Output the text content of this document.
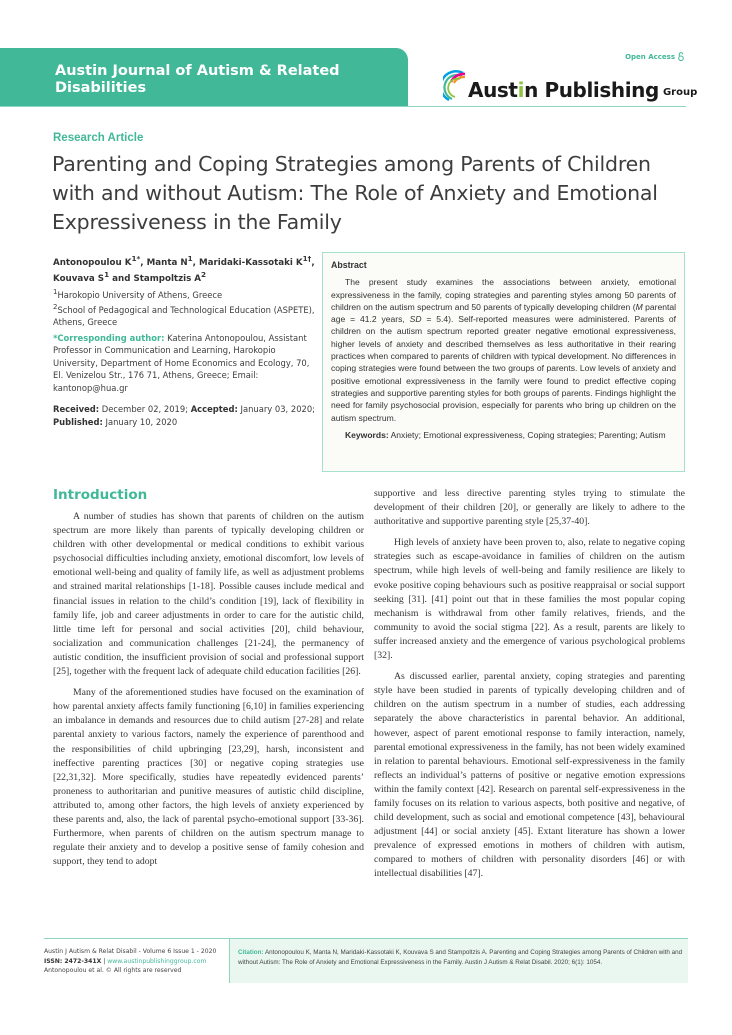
Austin Journal of Autism & Related Disabilities
Open Access
Austin Publishing Group
Research Article
Parenting and Coping Strategies among Parents of Children with and without Autism: The Role of Anxiety and Emotional Expressiveness in the Family
Antonopoulou $K^{1*}$, Manta $N^1$, Maridaki-Kassotaki $K^{1\dagger}$, Kouvava $S^1$ and Stampoltzis $A^2$
$^1$Harokopio University of Athens, Greece
$^2$School of Pedagogical and Technological Education (ASPETE), Athens, Greece
*Corresponding author: Katerina Antonopoulou, Assistant Professor in Communication and Learning, Harokopio University, Department of Home Economics and Ecology, 70, El. Venizelou Str., 176 71, Athens, Greece; Email: kantonop@hua.gr
Received: December 02, 2019; Accepted: January 03, 2020; Published: January 10, 2020
Abstract

The present study examines the associations between anxiety, emotional expressiveness in the family, coping strategies and parenting styles among 50 parents of children on the autism spectrum and 50 parents of typically developing children (M parental age = 41.2 years, SD = 5.4). Self-reported measures were administered. Parents of children on the autism spectrum reported greater negative emotional expressiveness, higher levels of anxiety and described themselves as less authoritative in their rearing practices when compared to parents of children with typical development. No differences in coping strategies were found between the two groups of parents. Low levels of anxiety and positive emotional expressiveness in the family were found to predict effective coping strategies and supportive parenting styles for both groups of parents. Findings highlight the need for family psychosocial provision, especially for parents who bring up children on the autism spectrum.

Keywords: Anxiety; Emotional expressiveness, Coping strategies; Parenting; Autism

Introduction

A number of studies has shown that parents of children on the autism spectrum are more likely than parents of typically developing children or children with other developmental or medical conditions to exhibit various psychosocial difficulties including anxiety, emotional discomfort, low levels of emotional well-being and quality of family life, as well as adjustment problems and strained marital relationships [1-18]. Possible causes include medical and financial issues in relation to the child’s condition [19], lack of flexibility in family life, job and career adjustments in order to care for the autistic child, little time left for personal and social activities [20], child behaviour, socialization and communication challenges [21-24], the permanency of autistic condition, the insufficient provision of social and professional support [25], together with the frequent lack of adequate child education facilities [26].

Many of the aforementioned studies have focused on the examination of how parental anxiety affects family functioning [6,10] in families experiencing an imbalance in demands and resources due to child autism [27-28] and relate parental anxiety to various factors, namely the experience of parenthood and the responsibilities of child upbringing [23,29], harsh, inconsistent and ineffective parenting practices [30] or negative coping strategies use [22,31,32]. More specifically, studies have repeatedly evidenced parents’ proneness to authoritarian and punitive measures of autistic child discipline, attributed to, among other factors, the high levels of anxiety experienced by these parents and, also, the lack of parental psycho-emotional support [33-36]. Furthermore, when parents of children on the autism spectrum manage to regulate their anxiety and to develop a positive sense of family cohesion and support, they tend to adopt

supportive and less directive parenting styles trying to stimulate the development of their children [20], or generally are likely to adhere to the authoritative and supportive parenting style [25,37-40].

High levels of anxiety have been proven to, also, relate to negative coping strategies such as escape-avoidance in families of children on the autism spectrum, while high levels of well-being and family resilience are likely to evoke positive coping behaviours such as positive reappraisal or social support seeking [31]. [41] point out that in these families the most popular coping mechanism is withdrawal from other family relatives, friends, and the community to avoid the social stigma [22]. As a result, parents are likely to suffer increased anxiety and the emergence of various psychological problems [32].

As discussed earlier, parental anxiety, coping strategies and parenting style have been studied in parents of typically developing children and of children on the autism spectrum in a number of studies, each addressing separately the above characteristics in parental behavior. An additional, however, aspect of parent emotional response to family interaction, namely, parental emotional expressiveness in the family, has not been widely examined in relation to parental behaviours. Emotional self-expressiveness in the family reflects an individual’s patterns of positive or negative emotion expressions within the family context [42]. Research on parental self-expressiveness in the family focuses on its relation to various aspects, both positive and negative, of child development, such as social and emotional competence [43], behavioural adjustment [44] or social anxiety [45]. Extant literature has shown a lower prevalence of expressed emotions in mothers of children with autism, compared to mothers of children with personality disorders [46] or with intellectual disabilities [47].

Austin J Autism & Relat Disabil - Volume 6 Issue 1 - 2020
ISSN: 2472-341X | www.austinpublishinggroup.com
Antonopoulou et al. © All rights are reserved
Citation: Antonopoulou K, Manta N, Maridaki-Kassotaki K, Kouvava S and Stampoltzis A. Parenting and Coping Strategies among Parents of Children with and without Autism: The Role of Anxiety and Emotional Expressiveness in the Family. Austin J Autism & Relat Disabil. 2020; 6(1): 1054.
